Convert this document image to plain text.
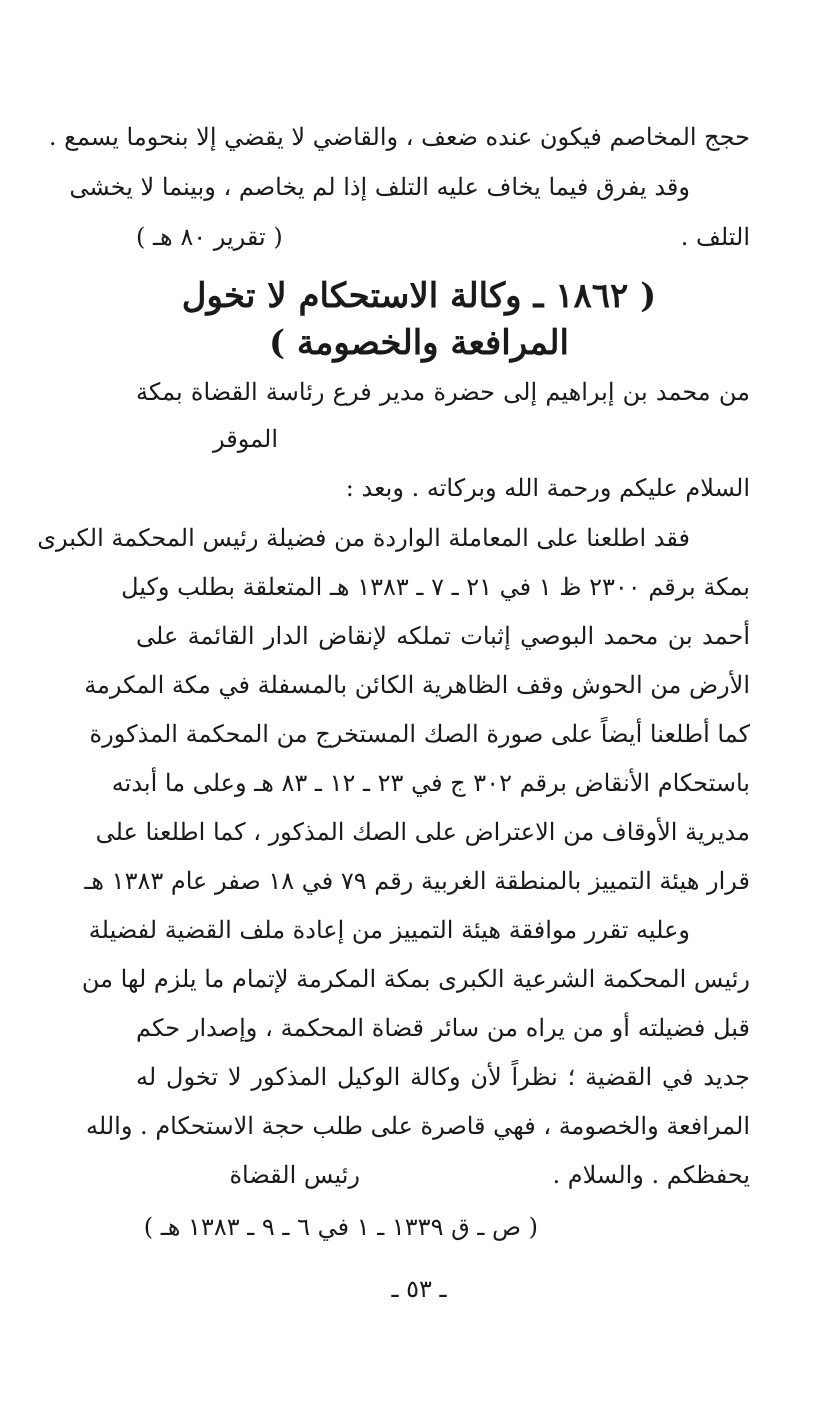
حجج المخاصم فيكون عنده ضعف ، والقاضي لا يقضي إلا بنحوما يسمع .
وقد يفرق فيما يخاف عليه التلف إذا لم يخاصم ، وبينما لا يخشى
التلف .
( تقرير ٨٠ هـ )
( ١٨٦٢ ـ وكالة الاستحكام لا تخول
المرافعة والخصومة )
من محمد بن إبراهيم إلى حضرة مدير فرع رئاسة القضاة بمكة
الموقر
السلام عليكم ورحمة الله وبركاته . وبعد :
فقد اطلعنا على المعاملة الواردة من فضيلة رئيس المحكمة الكبرى
بمكة برقم ٢٣٠٠ ظ ١ في ٢١ ـ ٧ ـ ١٣٨٣ هـ المتعلقة بطلب وكيل
أحمد بن محمد البوصي إثبات تملكه لإنقاض الدار القائمة على
الأرض من الحوش وقف الظاهرية الكائن بالمسفلة في مكة المكرمة
كما أطلعنا أيضاً على صورة الصك المستخرج من المحكمة المذكورة
باستحكام الأنقاض برقم ٣٠٢ ج في ٢٣ ـ ١٢ ـ ٨٣ هـ وعلى ما أبدته
مديرية الأوقاف من الاعتراض على الصك المذكور ، كما اطلعنا على
قرار هيئة التمييز بالمنطقة الغربية رقم ٧٩ في ١٨ صفر عام ١٣٨٣ هـ
وعليه تقرر موافقة هيئة التمييز من إعادة ملف القضية لفضيلة
رئيس المحكمة الشرعية الكبرى بمكة المكرمة لإتمام ما يلزم لها من
قبل فضيلته أو من يراه من سائر قضاة المحكمة ، وإصدار حكم
جديد في القضية ؛ نظراً لأن وكالة الوكيل المذكور لا تخول له
المرافعة والخصومة ، فهي قاصرة على طلب حجة الاستحكام . والله
يحفظكم . والسلام .
رئيس القضاة
( ص ـ ق ١٣٣٩ ـ ١ في ٦ ـ ٩ ـ ١٣٨٣ هـ )
ـ ٥٣ ـ
